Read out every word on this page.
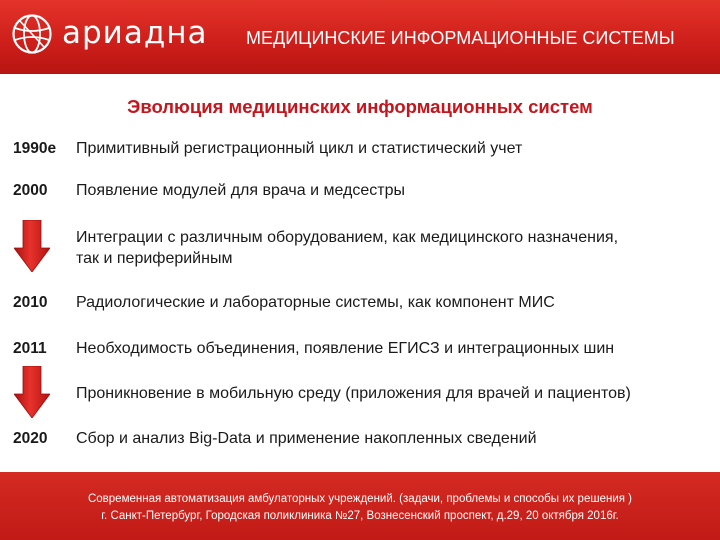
ариадна МЕДИЦИНСКИЕ ИНФОРМАЦИОННЫЕ СИСТЕМЫ
Эволюция медицинских информационных систем
1990е Примитивный регистрационный цикл и статистический учет
2000 Появление модулей для врача и медсестры
Интеграции с различным оборудованием, как медицинского назначения,
так и периферийным
2010 Радиологические и лабораторные системы, как компонент МИС
2011 Необходимость объединения, появление ЕГИСЗ и интеграционных шин
Проникновение в мобильную среду (приложения для врачей и пациентов)
2020 Сбор и анализ Big-Data и применение накопленных сведений
Современная автоматизация амбулаторных учреждений. (задачи, проблемы и способы их решения )
г. Санкт-Петербург, Городская поликлиника №27, Вознесенский проспект, д.29, 20 октября 2016г.
